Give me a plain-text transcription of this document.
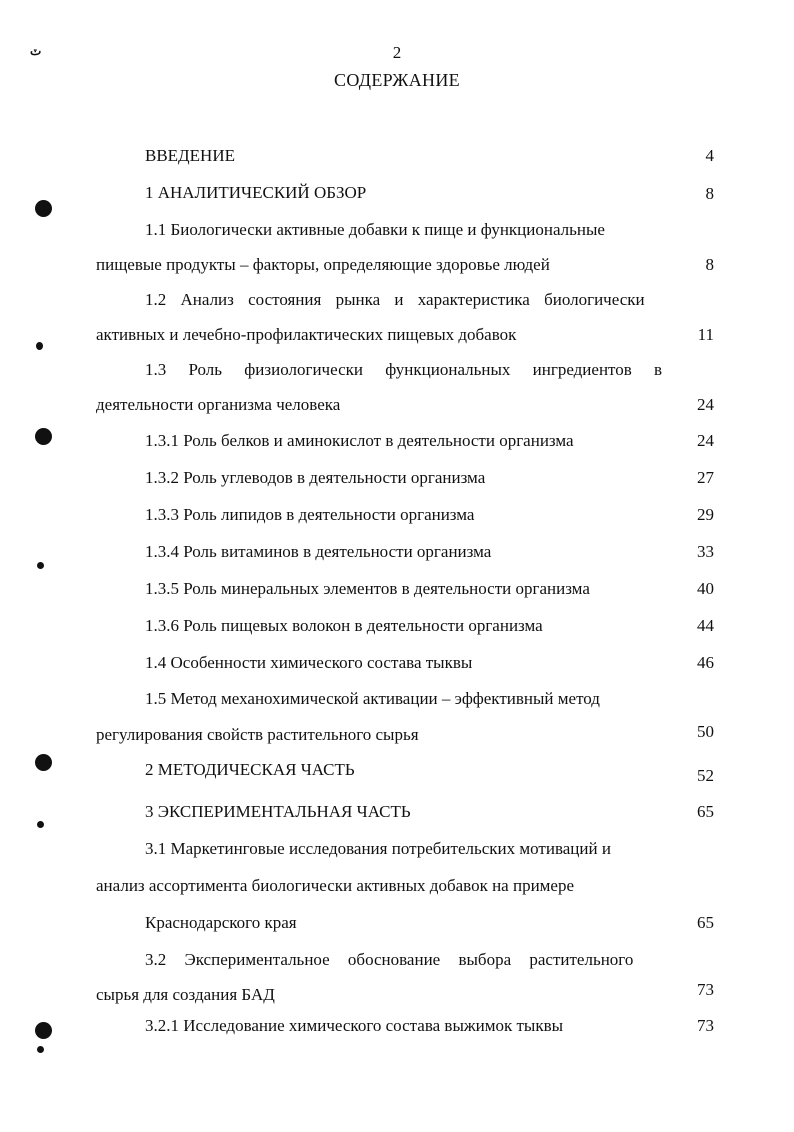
ٽ	2
СОДЕРЖАНИЕ
ВВЕДЕНИЕ	4
1 АНАЛИТИЧЕСКИЙ ОБЗОР	8
1.1 Биологически активные добавки к пище и функциональные
пищевые продукты – факторы, определяющие здоровье людей	8
1.2 Анализ состояния рынка и характеристика биологически
активных и лечебно-профилактических пищевых добавок	11
1.3 Роль физиологически функциональных ингредиентов в
деятельности организма человека	24
1.3.1 Роль белков и аминокислот в деятельности организма	24
1.3.2 Роль углеводов в деятельности организма	27
1.3.3 Роль липидов в деятельности организма	29
1.3.4 Роль витаминов в деятельности организма	33
1.3.5 Роль минеральных элементов в деятельности организма	40
1.3.6 Роль пищевых волокон в деятельности организма	44
1.4 Особенности химического состава тыквы	46
1.5 Метод механохимической активации – эффективный метод
регулирования свойств растительного сырья	50
2 МЕТОДИЧЕСКАЯ ЧАСТЬ	52
3 ЭКСПЕРИМЕНТАЛЬНАЯ ЧАСТЬ	65
3.1 Маркетинговые исследования потребительских мотиваций и
анализ ассортимента биологически активных добавок на примере
Краснодарского края	65
3.2 Экспериментальное обоснование выбора растительного
сырья для создания БАД	73
3.2.1 Исследование химического состава выжимок тыквы	73
